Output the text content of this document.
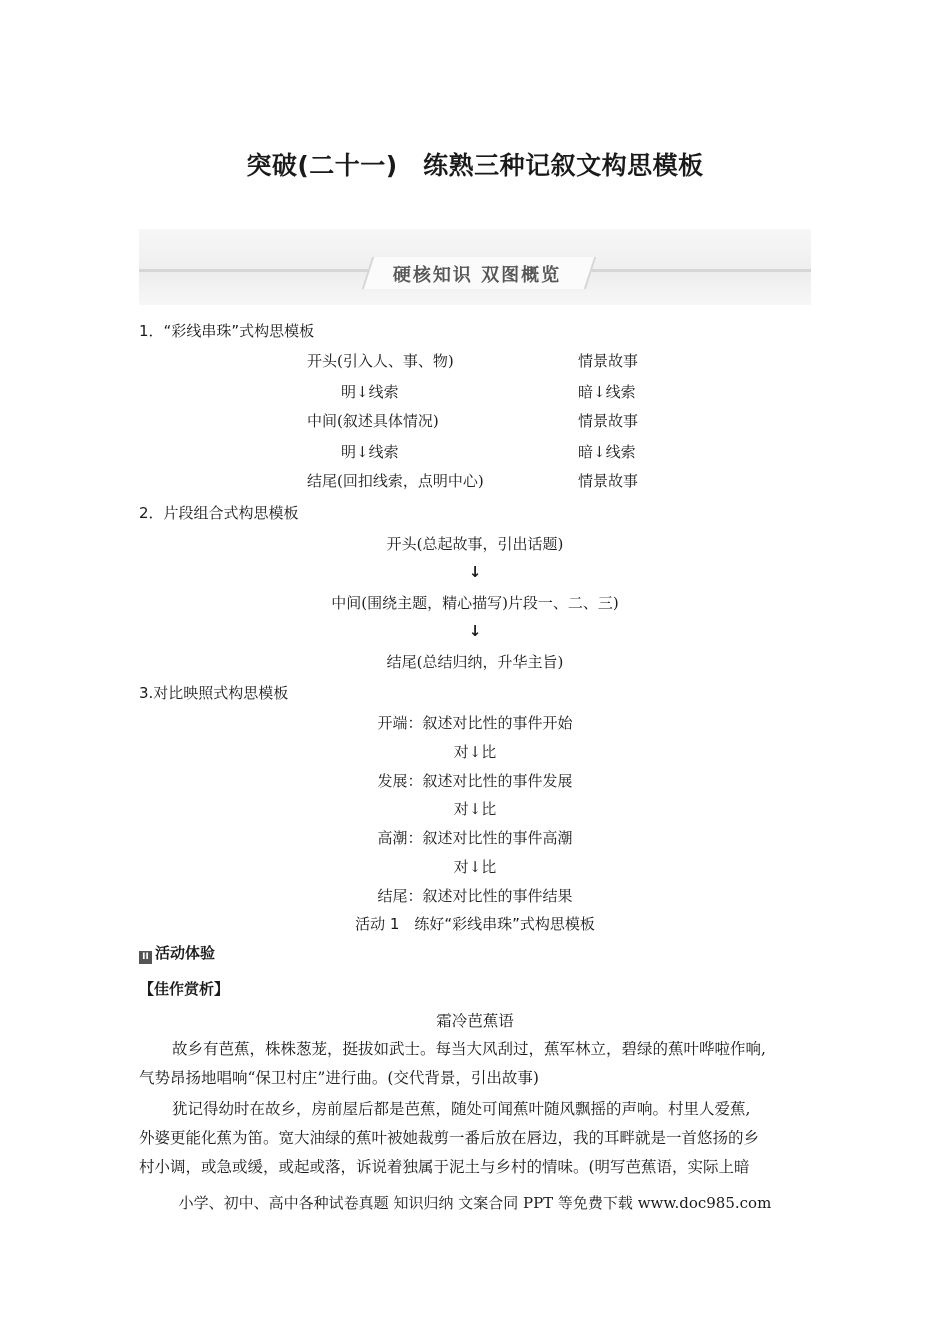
突破(二十一)　练熟三种记叙文构思模板
硬核知识 双图概览
1．“彩线串珠”式构思模板
开头(引入人、事、物)	情景故事
明↓线索	暗↓线索
中间(叙述具体情况)	情景故事
明↓线索	暗↓线索
结尾(回扣线索，点明中心)	情景故事
2．片段组合式构思模板
开头(总起故事，引出话题)
↓
中间(围绕主题，精心描写)片段一、二、三)
↓
结尾(总结归纳，升华主旨)
3.对比映照式构思模板
开端：叙述对比性的事件开始
对↓比
发展：叙述对比性的事件发展
对↓比
高潮：叙述对比性的事件高潮
对↓比
结尾：叙述对比性的事件结果
活动 1　练好“彩线串珠”式构思模板
II 活动体验
【佳作赏析】
霜冷芭蕉语
故乡有芭蕉，株株葱茏，挺拔如武士。每当大风刮过，蕉军林立，碧绿的蕉叶哗啦作响,
气势昂扬地唱响“保卫村庄”进行曲。(交代背景，引出故事)
犹记得幼时在故乡，房前屋后都是芭蕉，随处可闻蕉叶随风飘摇的声响。村里人爱蕉,
外婆更能化蕉为笛。宽大油绿的蕉叶被她裁剪一番后放在唇边，我的耳畔就是一首悠扬的乡
村小调，或急或缓，或起或落，诉说着独属于泥土与乡村的情味。(明写芭蕉语，实际上暗
小学、初中、高中各种试卷真题 知识归纳 文案合同 PPT 等免费下载 www.doc985.com
